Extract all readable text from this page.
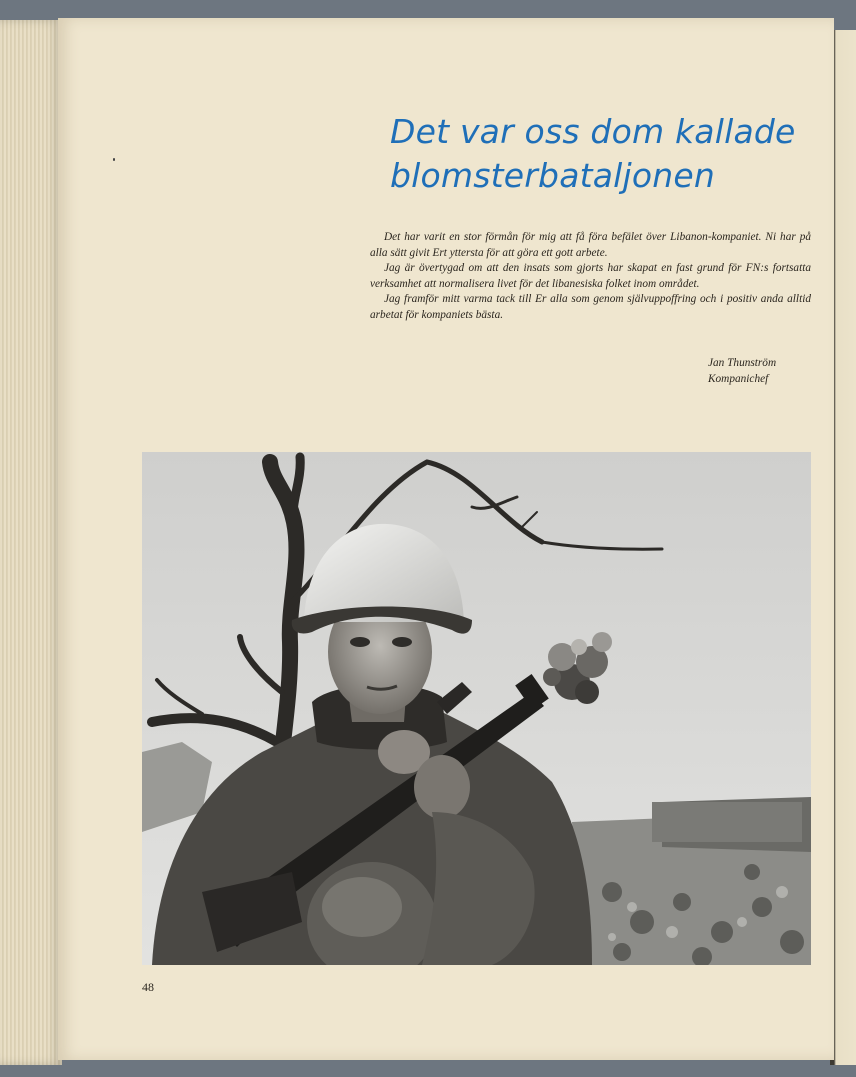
Det var oss dom kallade
blomsterbataljonen

Det har varit en stor förmån för mig att få föra befälet över Libanon-kompaniet. Ni har på alla sätt givit Ert yttersta för att göra ett gott arbete.

Jag är övertygad om att den insats som gjorts har skapat en fast grund för FN:s fortsatta verksamhet att normalisera livet för det libanesiska folket inom området.

Jag framför mitt varma tack till Er alla som genom självuppoffring och i positiv anda alltid arbetat för kompaniets bästa.

Jan Thunström
Kompanichef
48
